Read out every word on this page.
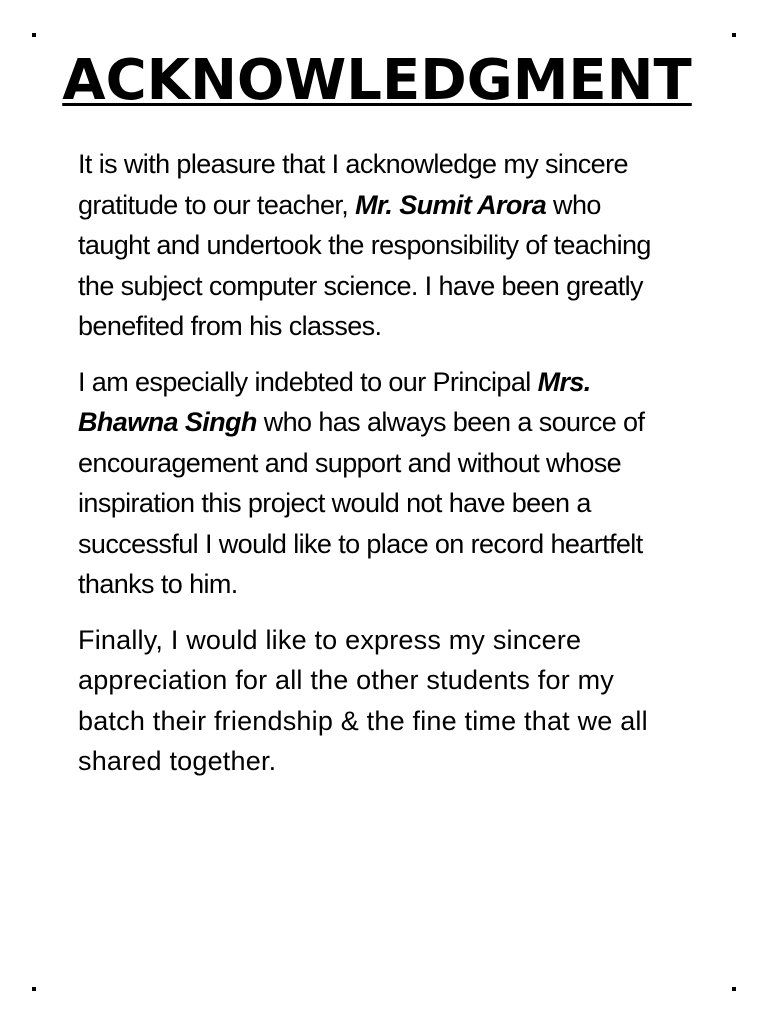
ACKNOWLEDGMENT

It is with pleasure that I acknowledge my sincere gratitude to our teacher, Mr. Sumit Arora who taught and undertook the responsibility of teaching the subject computer science. I have been greatly benefited from his classes.

I am especially indebted to our Principal Mrs. Bhawna Singh who has always been a source of encouragement and support and without whose inspiration this project would not have been a successful I would like to place on record heartfelt thanks to him.

Finally, I would like to express my sincere appreciation for all the other students for my batch their friendship & the fine time that we all shared together.
